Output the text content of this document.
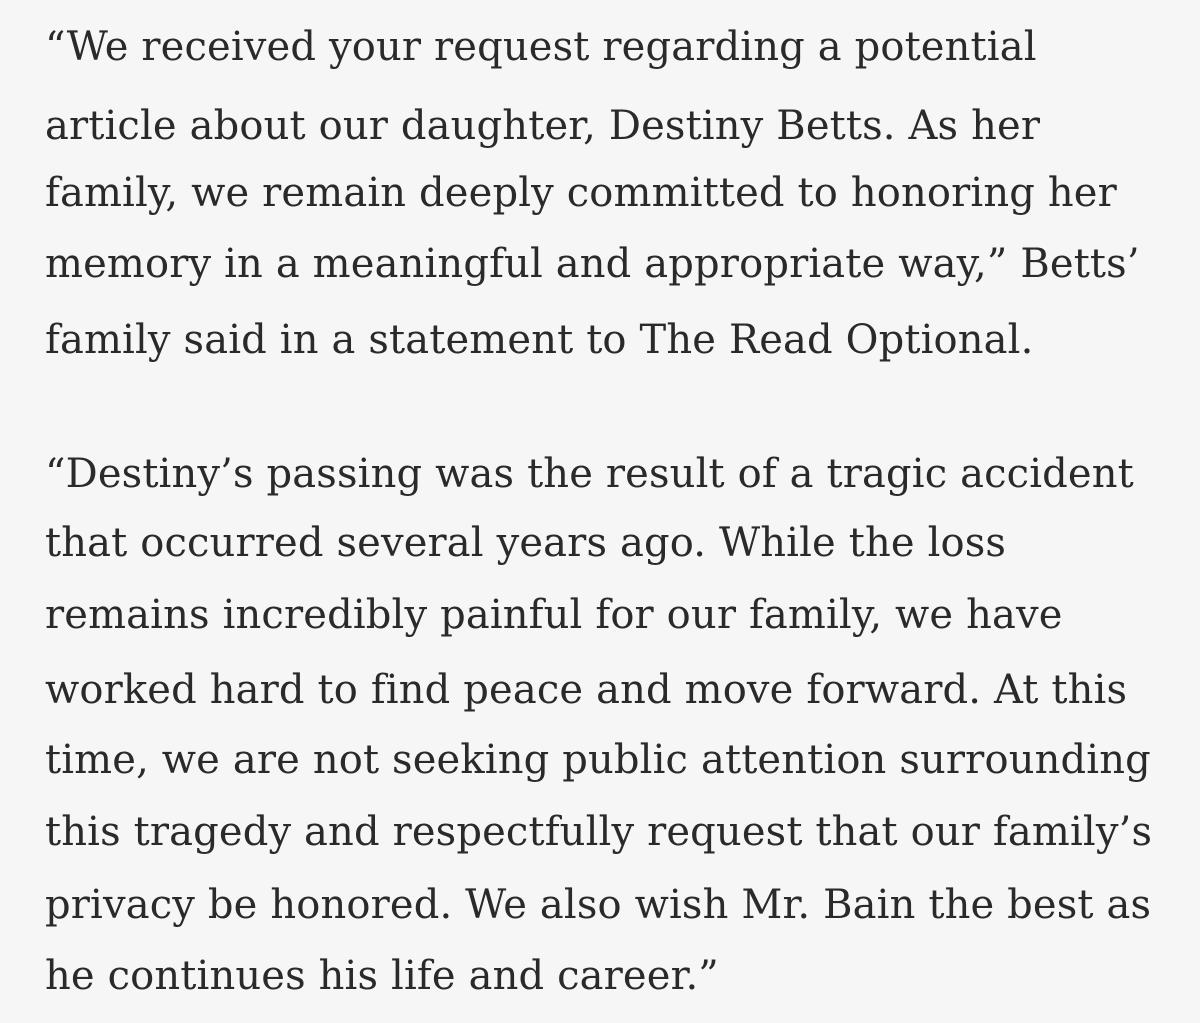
“We received your request regarding a potential
article about our daughter, Destiny Betts. As her
family, we remain deeply committed to honoring her
memory in a meaningful and appropriate way,” Betts’
family said in a statement to The Read Optional.
“Destiny’s passing was the result of a tragic accident
that occurred several years ago. While the loss
remains incredibly painful for our family, we have
worked hard to find peace and move forward. At this
time, we are not seeking public attention surrounding
this tragedy and respectfully request that our family’s
privacy be honored. We also wish Mr. Bain the best as
he continues his life and career.”
